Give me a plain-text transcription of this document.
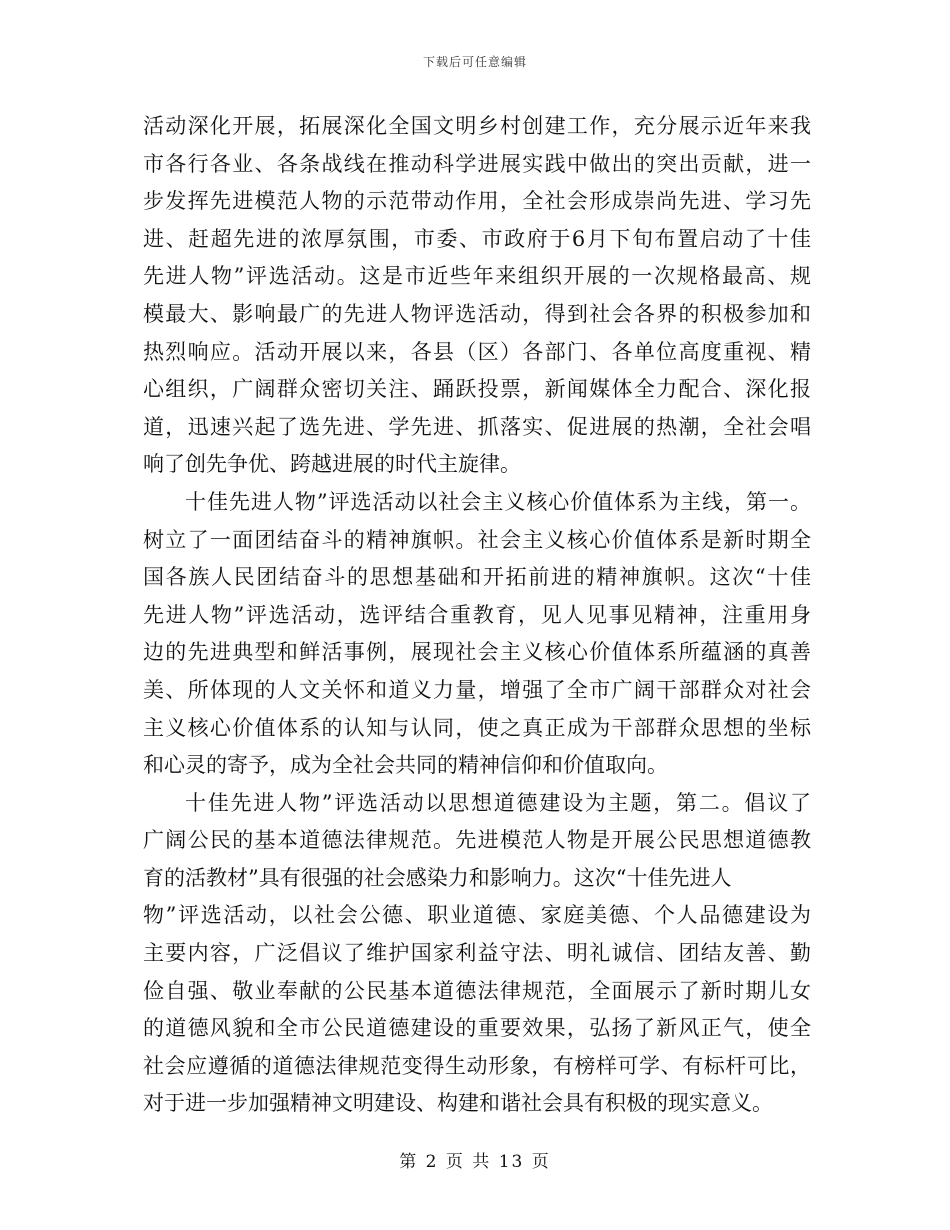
下载后可任意编辑
活动深化开展，拓展深化全国文明乡村创建工作，充分展示近年来我
市各行各业、各条战线在推动科学进展实践中做出的突出贡献，进一
步发挥先进模范人物的示范带动作用，全社会形成崇尚先进、学习先
进、赶超先进的浓厚氛围，市委、市政府于6月下旬布置启动了十佳
先进人物”评选活动。这是市近些年来组织开展的一次规格最高、规
模最大、影响最广的先进人物评选活动，得到社会各界的积极参加和
热烈响应。活动开展以来，各县（区）各部门、各单位高度重视、精
心组织，广阔群众密切关注、踊跃投票，新闻媒体全力配合、深化报
道，迅速兴起了选先进、学先进、抓落实、促进展的热潮，全社会唱
响了创先争优、跨越进展的时代主旋律。
十佳先进人物”评选活动以社会主义核心价值体系为主线，第一。
树立了一面团结奋斗的精神旗帜。社会主义核心价值体系是新时期全
国各族人民团结奋斗的思想基础和开拓前进的精神旗帜。这次“十佳
先进人物”评选活动，选评结合重教育，见人见事见精神，注重用身
边的先进典型和鲜活事例，展现社会主义核心价值体系所蕴涵的真善
美、所体现的人文关怀和道义力量，增强了全市广阔干部群众对社会
主义核心价值体系的认知与认同，使之真正成为干部群众思想的坐标
和心灵的寄予，成为全社会共同的精神信仰和价值取向。
十佳先进人物”评选活动以思想道德建设为主题，第二。倡议了
广阔公民的基本道德法律规范。先进模范人物是开展公民思想道德教
育的活教材”具有很强的社会感染力和影响力。这次“十佳先进人
物”评选活动，以社会公德、职业道德、家庭美德、个人品德建设为
主要内容，广泛倡议了维护国家利益守法、明礼诚信、团结友善、勤
俭自强、敬业奉献的公民基本道德法律规范，全面展示了新时期儿女
的道德风貌和全市公民道德建设的重要效果，弘扬了新风正气，使全
社会应遵循的道德法律规范变得生动形象，有榜样可学、有标杆可比，
对于进一步加强精神文明建设、构建和谐社会具有积极的现实意义。
第 2 页 共 13 页
